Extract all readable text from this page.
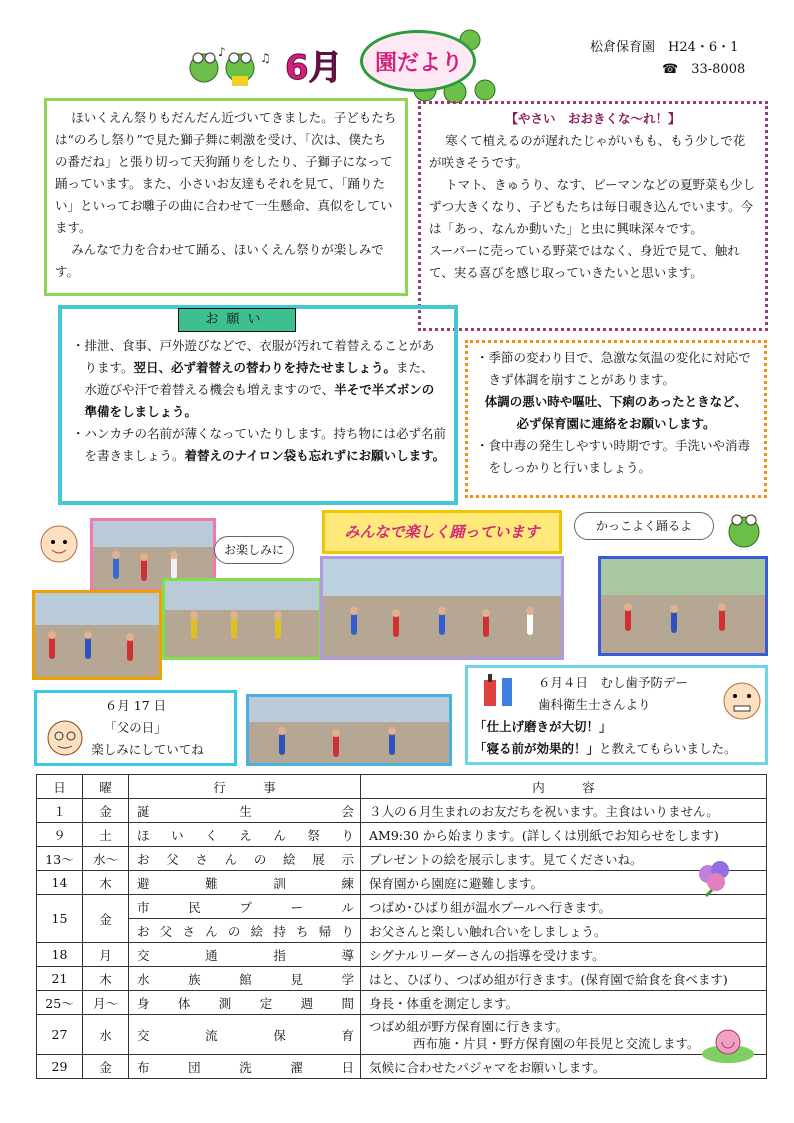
♪	♫ 6月	園だより
松倉保育園　H24・6・1
☎　 33-8008

ほいくえん祭りもだんだん近づいてきました。子どもたちは“のろし祭り”で見た獅子舞に刺激を受け、「次は、僕たちの番だね」と張り切って天狗踊りをしたり、子獅子になって踊っています。また、小さいお友達もそれを見て、「踊りたい」といってお囃子の曲に合わせて一生懸命、真似をしています。

みんなで力を合わせて踊る、ほいくえん祭りが楽しみです。

【やさい　おおきくな～れ！】

寒くて植えるのが遅れたじゃがいもも、もう少しで花が咲きそうです。

トマト、きゅうり、なす、ピーマンなどの夏野菜も少しずつ大きくなり、子どもたちは毎日覗き込んでいます。今は「あっ、なんか動いた」と虫に興味深々です。

スーパーに売っている野菜ではなく、身近で見て、触れて、実る喜びを感じ取っていきたいと思います。

・排泄、食事、戸外遊びなどで、衣服が汚れて着替えることがあります。翌日、必ず着替えの替わりを持たせましょう。また、水遊びや汗で着替える機会も増えますので、半そで半ズボンの準備をしましょう。

・ハンカチの名前が薄くなっていたりします。持ち物には必ず名前を書きましょう。着替えのナイロン袋も忘れずにお願いします。

お願い

・季節の変わり目で、急激な気温の変化に対応できず体調を崩すことがあります。

体調の悪い時や嘔吐、下痢のあったときなど、

必ず保育園に連絡をお願いします。

・食中毒の発生しやすい時期です。手洗いや消毒をしっかりと行いましょう。

お楽しみに
みんなで楽しく踊っています	かっこよく踊るよ

６月 17 日

「父の日」

楽しみにしていてね

６月４日　むし歯予防デー

歯科衛生士さんより

「仕上げ磨きが大切！」

「寝る前が効果的！」と教えてもらいました。

日	曜	行　　　事	内　　　容
１	金	誕生会	３人の６月生まれのお友だちを祝います。主食はいりません。
９	土	ほいくえん祭り	AM9:30 から始まります。(詳しくは別紙でお知らせをします)
13～	水～	お父さんの絵展示	プレゼントの絵を展示します。見てくださいね。
14	木	避難訓練	保育園から園庭に避難します。
15	金	市民プール	つばめ･ひばり組が温水プールへ行きます。
		お父さんの絵持ち帰り	お父さんと楽しい触れ合いをしましょう。
18	月	交通指導	シグナルリーダーさんの指導を受けます。
21	木	水族館見学	はと、ひばり、つばめ組が行きます。(保育園で給食を食べます)
25～	月～	身体測定週間	身長・体重を測定します。
27	水	交流保育	つばめ組が野方保育園に行きます。
西布施・片貝・野方保育園の年長児と交流します。

29	金	布団洗濯日	気候に合わせたパジャマをお願いします。
